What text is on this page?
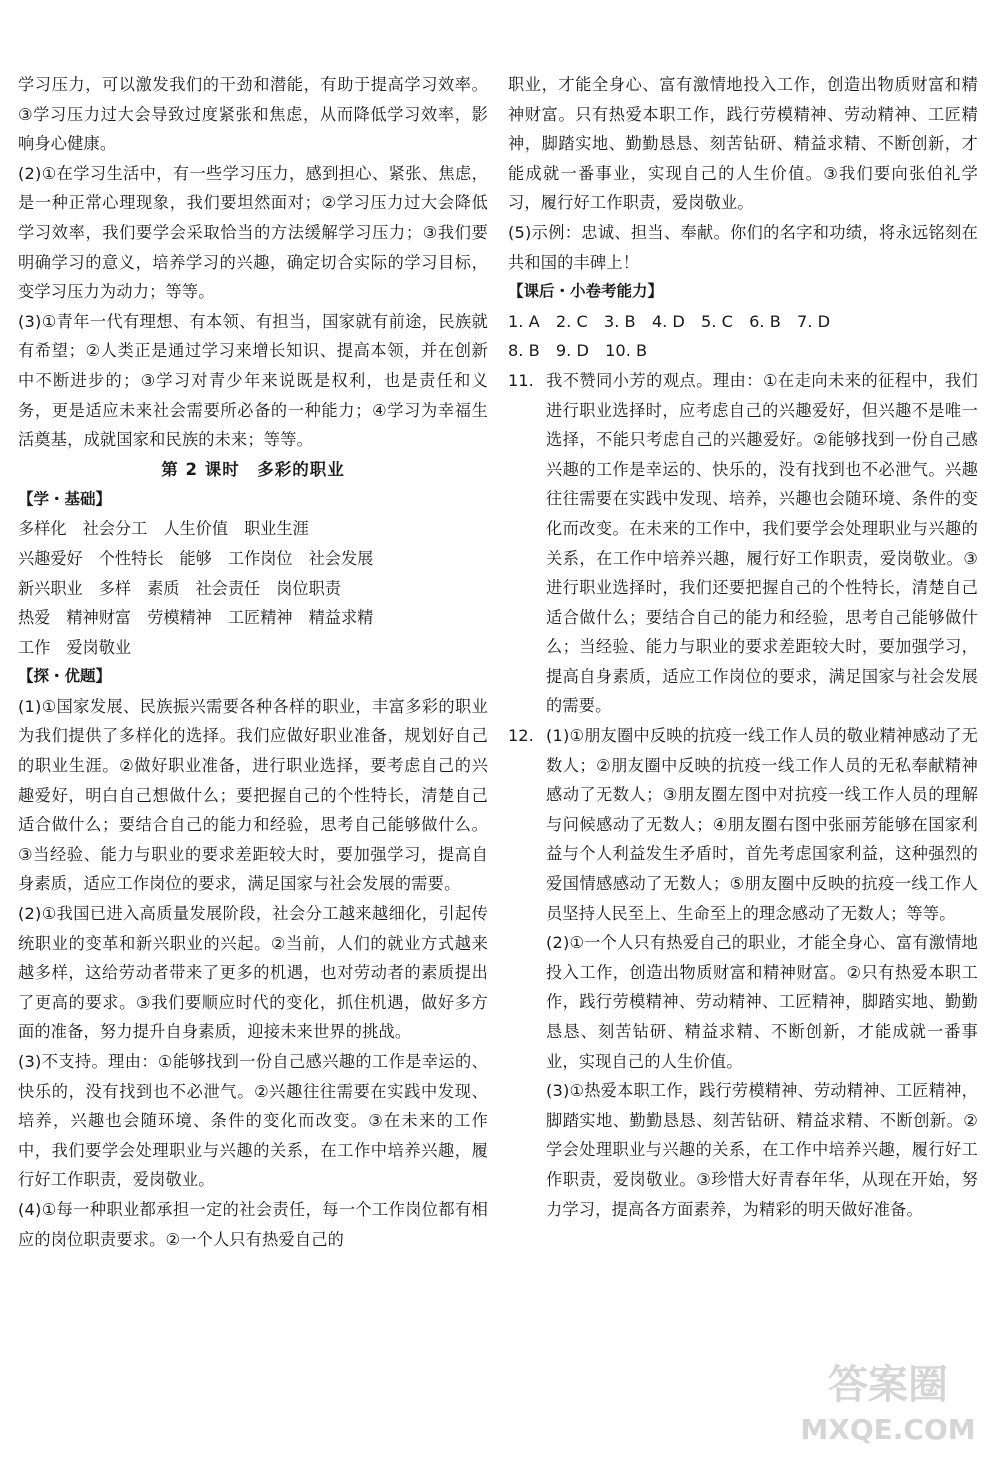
学习压力，可以激发我们的干劲和潜能，有助于提高学习效率。③学习压力过大会导致过度紧张和焦虑，从而降低学习效率，影响身心健康。

(2)①在学习生活中，有一些学习压力，感到担心、紧张、焦虑，是一种正常心理现象，我们要坦然面对；②学习压力过大会降低学习效率，我们要学会采取恰当的方法缓解学习压力；③我们要明确学习的意义，培养学习的兴趣，确定切合实际的学习目标，变学习压力为动力；等等。

(3)①青年一代有理想、有本领、有担当，国家就有前途，民族就有希望；②人类正是通过学习来增长知识、提高本领，并在创新中不断进步的；③学习对青少年来说既是权利，也是责任和义务，更是适应未来社会需要所必备的一种能力；④学习为幸福生活奠基，成就国家和民族的未来；等等。

第 2 课时　多彩的职业
【学・基础】
多样化 社会分工 人生价值 职业生涯
兴趣爱好 个性特长 能够 工作岗位 社会发展
新兴职业 多样 素质 社会责任 岗位职责
热爱 精神财富 劳模精神 工匠精神 精益求精
工作 爱岗敬业
【探・优题】

(1)①国家发展、民族振兴需要各种各样的职业，丰富多彩的职业为我们提供了多样化的选择。我们应做好职业准备，规划好自己的职业生涯。②做好职业准备，进行职业选择，要考虑自己的兴趣爱好，明白自己想做什么；要把握自己的个性特长，清楚自己适合做什么；要结合自己的能力和经验，思考自己能够做什么。③当经验、能力与职业的要求差距较大时，要加强学习，提高自身素质，适应工作岗位的要求，满足国家与社会发展的需要。

(2)①我国已进入高质量发展阶段，社会分工越来越细化，引起传统职业的变革和新兴职业的兴起。②当前，人们的就业方式越来越多样，这给劳动者带来了更多的机遇，也对劳动者的素质提出了更高的要求。③我们要顺应时代的变化，抓住机遇，做好多方面的准备，努力提升自身素质，迎接未来世界的挑战。

(3)不支持。理由：①能够找到一份自己感兴趣的工作是幸运的、快乐的，没有找到也不必泄气。②兴趣往往需要在实践中发现、培养，兴趣也会随环境、条件的变化而改变。③在未来的工作中，我们要学会处理职业与兴趣的关系，在工作中培养兴趣，履行好工作职责，爱岗敬业。

(4)①每一种职业都承担一定的社会责任，每一个工作岗位都有相应的岗位职责要求。②一个人只有热爱自己的

职业，才能全身心、富有激情地投入工作，创造出物质财富和精神财富。只有热爱本职工作，践行劳模精神、劳动精神、工匠精神，脚踏实地、勤勤恳恳、刻苦钻研、精益求精、不断创新，才能成就一番事业，实现自己的人生价值。③我们要向张伯礼学习，履行好工作职责，爱岗敬业。

(5)示例：忠诚、担当、奉献。你们的名字和功绩，将永远铭刻在共和国的丰碑上！

【课后・小卷考能力】
1. A　2. C　3. B　4. D　5. C　6. B　7. D
8. B　9. D　10. B
11. 我不赞同小芳的观点。理由：①在走向未来的征程中，我们进行职业选择时，应考虑自己的兴趣爱好，但兴趣不是唯一选择，不能只考虑自己的兴趣爱好。②能够找到一份自己感兴趣的工作是幸运的、快乐的，没有找到也不必泄气。兴趣往往需要在实践中发现、培养，兴趣也会随环境、条件的变化而改变。在未来的工作中，我们要学会处理职业与兴趣的关系，在工作中培养兴趣，履行好工作职责，爱岗敬业。③进行职业选择时，我们还要把握自己的个性特长，清楚自己适合做什么；要结合自己的能力和经验，思考自己能够做什么；当经验、能力与职业的要求差距较大时，要加强学习，提高自身素质，适应工作岗位的要求，满足国家与社会发展的需要。

12. (1)①朋友圈中反映的抗疫一线工作人员的敬业精神感动了无数人；②朋友圈中反映的抗疫一线工作人员的无私奉献精神感动了无数人；③朋友圈左图中对抗疫一线工作人员的理解与问候感动了无数人；④朋友圈右图中张丽芳能够在国家利益与个人利益发生矛盾时，首先考虑国家利益，这种强烈的爱国情感感动了无数人；⑤朋友圈中反映的抗疫一线工作人员坚持人民至上、生命至上的理念感动了无数人；等等。

(2)①一个人只有热爱自己的职业，才能全身心、富有激情地投入工作，创造出物质财富和精神财富。②只有热爱本职工作，践行劳模精神、劳动精神、工匠精神，脚踏实地、勤勤恳恳、刻苦钻研、精益求精、不断创新，才能成就一番事业，实现自己的人生价值。

(3)①热爱本职工作，践行劳模精神、劳动精神、工匠精神，脚踏实地、勤勤恳恳、刻苦钻研、精益求精、不断创新。②学会处理职业与兴趣的关系，在工作中培养兴趣，履行好工作职责，爱岗敬业。③珍惜大好青春年华，从现在开始，努力学习，提高各方面素养，为精彩的明天做好准备。

答案圈
MXQE.COM
